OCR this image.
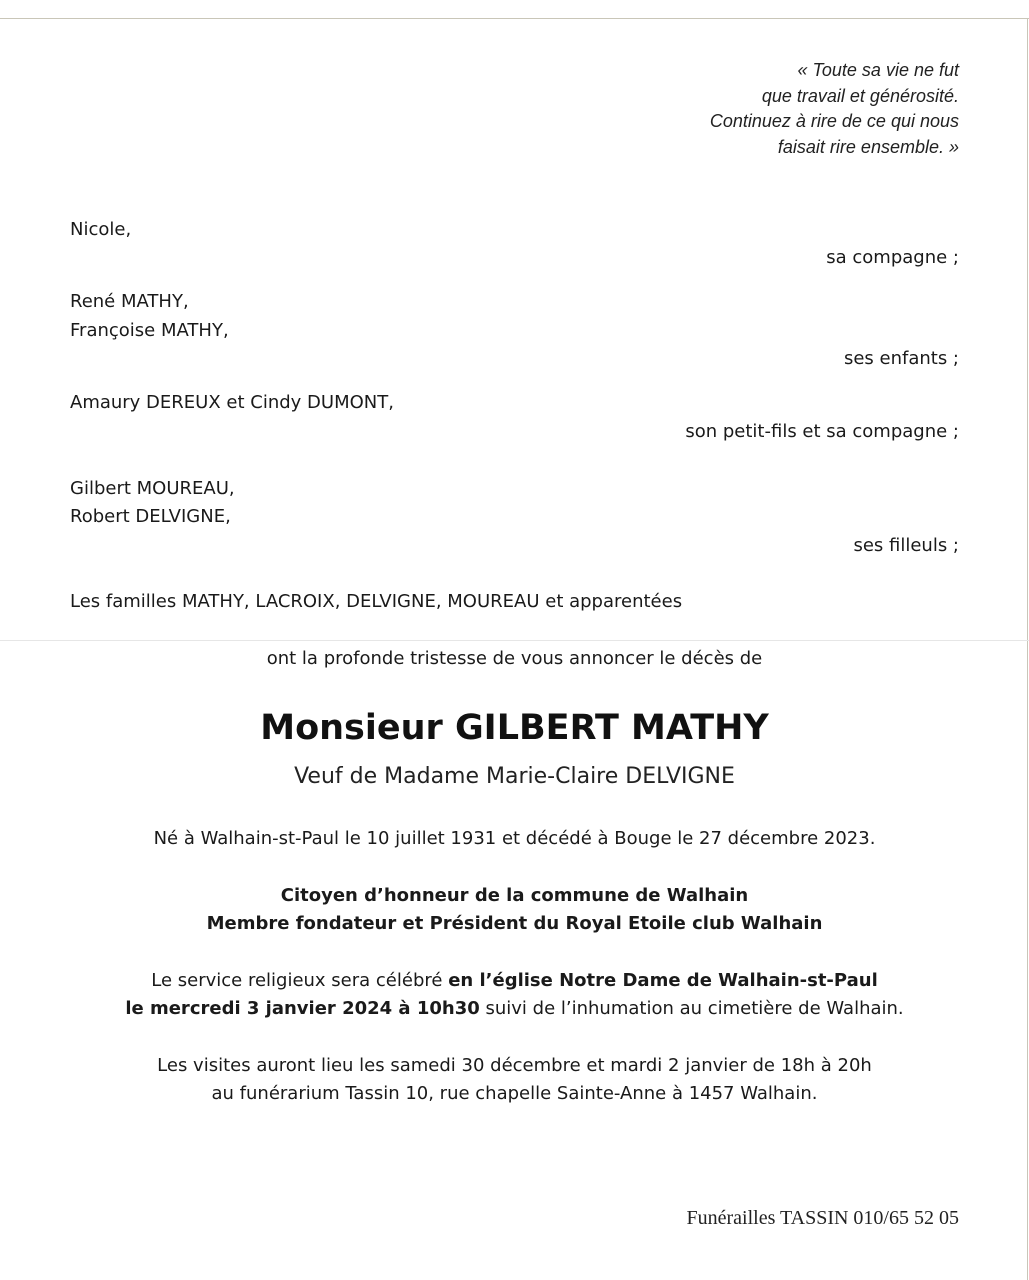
« Toute sa vie ne fut
que travail et générosité.
Continuez à rire de ce qui nous
faisait rire ensemble. »
Nicole,
sa compagne ;
René MATHY,
Françoise MATHY,
ses enfants ;
Amaury DEREUX et Cindy DUMONT,
son petit-fils et sa compagne ;
Gilbert MOUREAU,
Robert DELVIGNE,
ses filleuls ;
Les familles MATHY, LACROIX, DELVIGNE, MOUREAU et apparentées
ont la profonde tristesse de vous annoncer le décès de
Monsieur GILBERT MATHY
Veuf de Madame Marie-Claire DELVIGNE
Né à Walhain-st-Paul le 10 juillet 1931 et décédé à Bouge le 27 décembre 2023.
Citoyen d’honneur de la commune de Walhain
Membre fondateur et Président du Royal Etoile club Walhain
Le service religieux sera célébré en l’église Notre Dame de Walhain-st-Paul
le mercredi 3 janvier 2024 à 10h30 suivi de l’inhumation au cimetière de Walhain.
Les visites auront lieu les samedi 30 décembre et mardi 2 janvier de 18h à 20h
au funérarium Tassin 10, rue chapelle Sainte-Anne à 1457 Walhain.
Funérailles TASSIN 010/65 52 05
